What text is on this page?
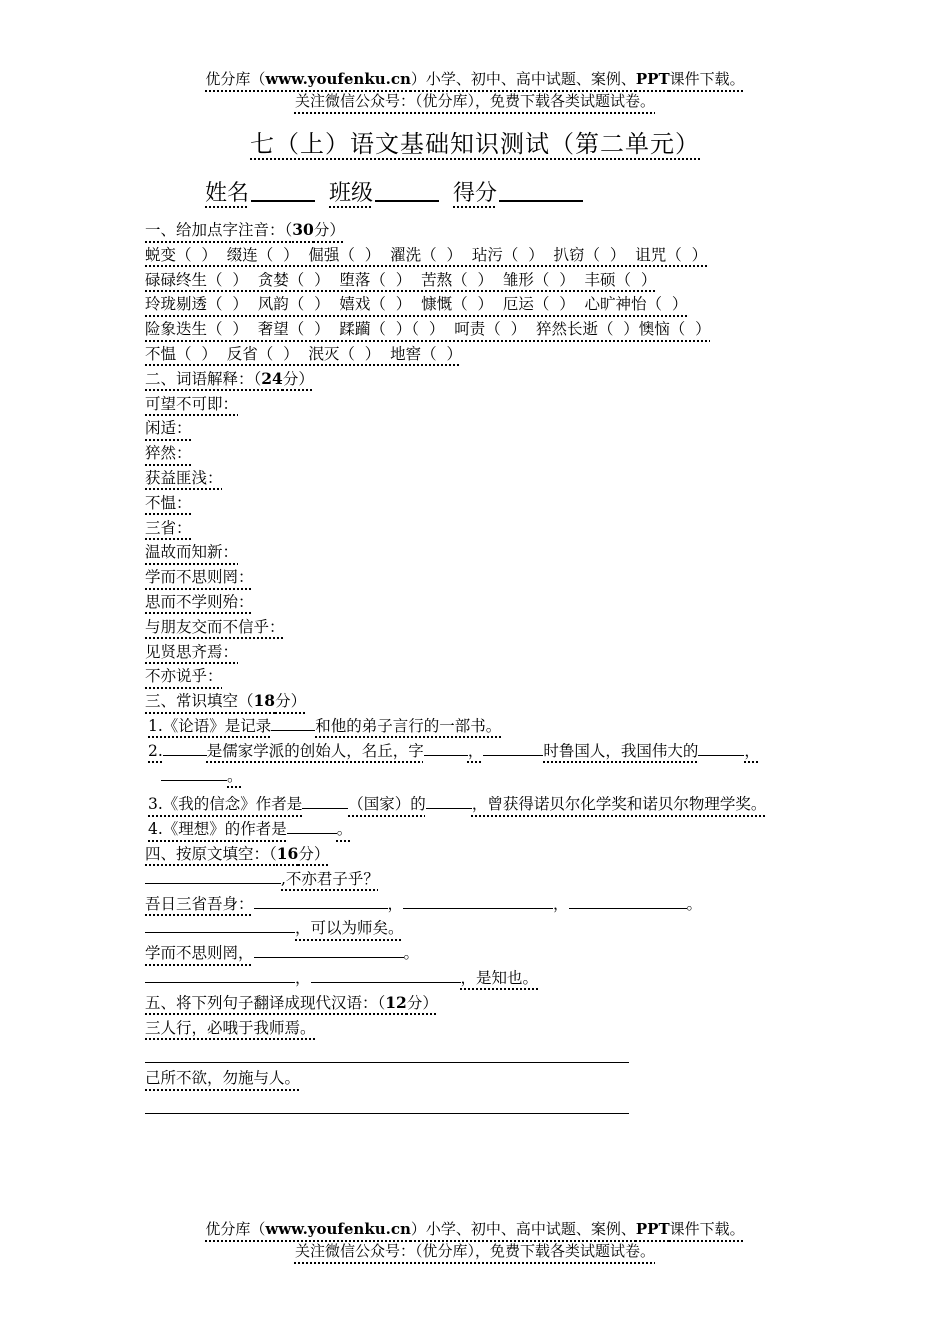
优分库（www.youfenku.cn）小学、初中、高中试题、案例、PPT课件下载。
关注微信公众号：（优分库），免费下载各类试题试卷。
七（上）语文基础知识测试（第二单元）
姓名	班级	得分
一、给加点字注音：（30分）
蜕变（  ）  缀连（  ）  倔强（  ）  濯洗（  ）  玷污（  ）  扒窃（  ）  诅咒（  ）
碌碌终生（  ）  贪婪（  ）  堕落（  ）  苦熬（  ）  雏形（  ）  丰硕（  ）
玲珑剔透（  ）  风韵（  ）  嬉戏（  ）  慷慨（  ）  厄运（  ）  心旷神怡（  ）
险象迭生（  ）  奢望（  ）  蹂躏（  ）（  ）  呵责（  ）  猝然长逝（  ）懊恼（  ）
不愠（  ）  反省（  ）  泯灭（  ）  地窖（  ）
二、词语解释：（24分）
可望不可即：
闲适：
猝然：
获益匪浅：
不愠：
三省：
温故而知新：
学而不思则罔：
思而不学则殆：
与朋友交而不信乎：
见贤思齐焉：
不亦说乎：
三、常识填空（18分）
1.《论语》是记录	和他的弟子言行的一部书。
2.	是儒家学派的创始人，名丘，字	，	时鲁国人，我国伟大的	，
。
3.《我的信念》作者是	（国家）的	，曾获得诺贝尔化学奖和诺贝尔物理学奖。
4.《理想》的作者是	。
四、按原文填空：（16分）
,不亦君子乎？
吾日三省吾身：	，	，	。
，可以为师矣。
学而不思则罔，	。
，	，是知也。
五、将下列句子翻译成现代汉语：（12分）
三人行，必哦于我师焉。
己所不欲，勿施与人。
优分库（www.youfenku.cn）小学、初中、高中试题、案例、PPT课件下载。
关注微信公众号：（优分库），免费下载各类试题试卷。
